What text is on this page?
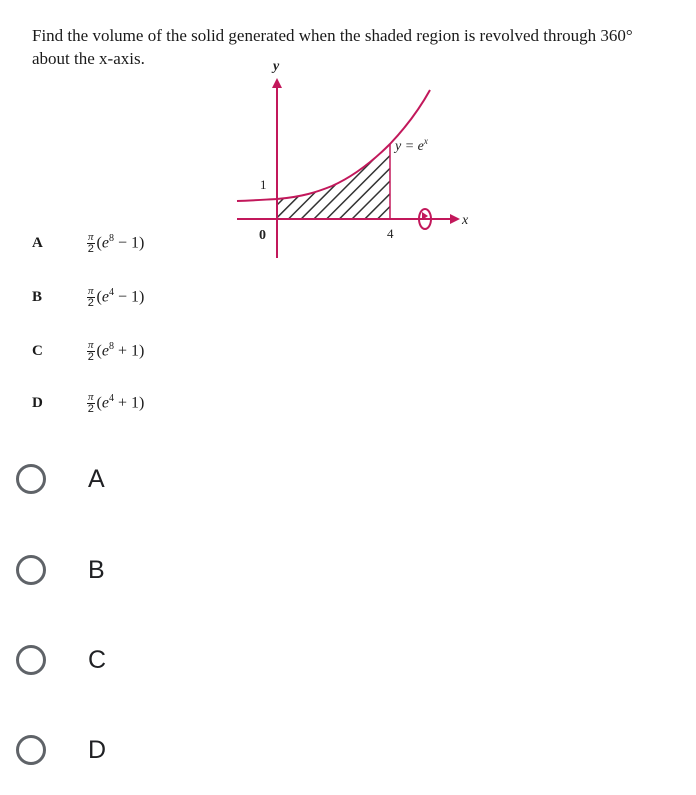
Find the volume of the solid generated when the shaded region is revolved through 360°
about the x-axis.	y
x
1
0	4
$y = e^x$
A	$\frac{\pi}{2} (e^8 - 1)$
B	$\frac{\pi}{2} (e^4 - 1)$
C	$\frac{\pi}{2} (e^8 + 1)$
D	$\frac{\pi}{2} (e^4 + 1)$
A
B
C
D
